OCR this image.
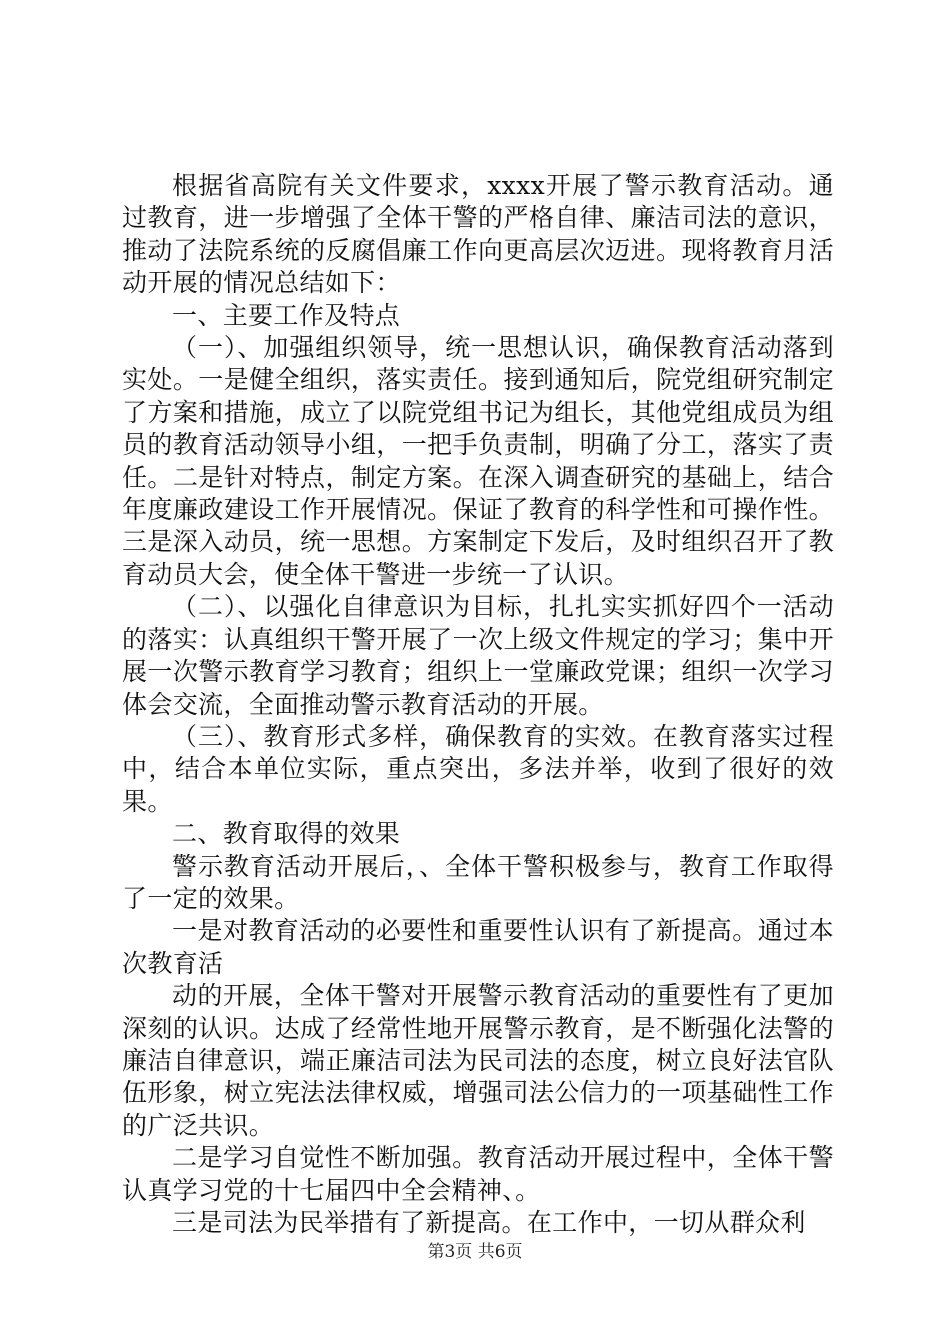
根据省高院有关文件要求，xxxx开展了警示教育活动。通过教育，进一步增强了全体干警的严格自律、廉洁司法的意识，推动了法院系统的反腐倡廉工作向更高层次迈进。现将教育月活动开展的情况总结如下：

一、主要工作及特点

（一）、加强组织领导，统一思想认识，确保教育活动落到实处。一是健全组织，落实责任。接到通知后，院党组研究制定了方案和措施，成立了以院党组书记为组长，其他党组成员为组员的教育活动领导小组，一把手负责制，明确了分工，落实了责任。二是针对特点，制定方案。在深入调查研究的基础上，结合年度廉政建设工作开展情况。保证了教育的科学性和可操作性。三是深入动员，统一思想。方案制定下发后，及时组织召开了教育动员大会，使全体干警进一步统一了认识。

（二）、以强化自律意识为目标，扎扎实实抓好四个一活动的落实：认真组织干警开展了一次上级文件规定的学习；集中开展一次警示教育学习教育；组织上一堂廉政党课；组织一次学习体会交流，全面推动警示教育活动的开展。

（三）、教育形式多样，确保教育的实效。在教育落实过程中，结合本单位实际，重点突出，多法并举，收到了很好的效果。

二、教育取得的效果

警示教育活动开展后，、全体干警积极参与，教育工作取得了一定的效果。

一是对教育活动的必要性和重要性认识有了新提高。通过本次教育活

动的开展，全体干警对开展警示教育活动的重要性有了更加深刻的认识。达成了经常性地开展警示教育，是不断强化法警的廉洁自律意识，端正廉洁司法为民司法的态度，树立良好法官队伍形象，树立宪法法律权威，增强司法公信力的一项基础性工作的广泛共识。

二是学习自觉性不断加强。教育活动开展过程中，全体干警认真学习党的十七届四中全会精神、。

三是司法为民举措有了新提高。在工作中，一切从群众利

第3页 共6页
